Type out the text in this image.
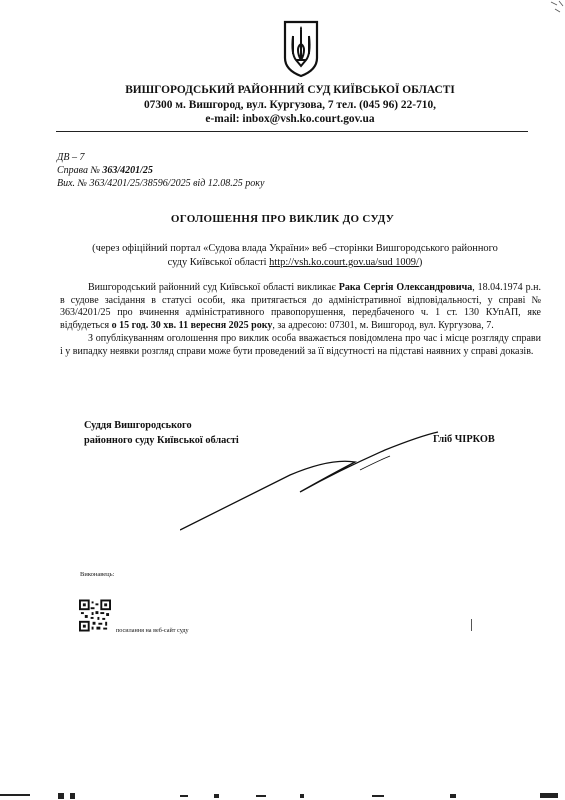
ВИШГОРОДСЬКИЙ РАЙОННИЙ СУД КИЇВСЬКОЇ ОБЛАСТІ
07300 м. Вишгород, вул. Кургузова, 7 тел. (045 96) 22-710,
e-mail: inbox@vsh.ko.court.gov.ua
ДВ – 7
Справа № 363/4201/25
Вих. № 363/4201/25/38596/2025 від 12.08.25 року
ОГОЛОШЕННЯ ПРО ВИКЛИК ДО СУДУ
(через офіційний портал «Судова влада України» веб –сторінки Вишгородського районного
суду Київської області http://vsh.ko.court.gov.ua/sud 1009/)

Вишгородський районний суд Київської області викликає Рака Сергія Олександровича, 18.04.1974 р.н. в судове засідання в статусі особи, яка притягається до адміністративної відповідальності, у справі № 363/4201/25 про вчинення адміністративного правопорушення, передбаченого ч. 1 ст. 130 КУпАП, яке відбудеться о 15 год. 30 хв. 11 вересня 2025 року, за адресою: 07301, м. Вишгород, вул. Кургузова, 7.

З опублікуванням оголошення про виклик особа вважається повідомлена про час і місце розгляду справи і у випадку неявки розгляд справи може бути проведений за її відсутності на підставі наявних у справі доказів.

Суддя Вишгородського
районного суду Київської області	Гліб ЧІРКОВ
Виконавець:
посилання на веб-сайт суду
